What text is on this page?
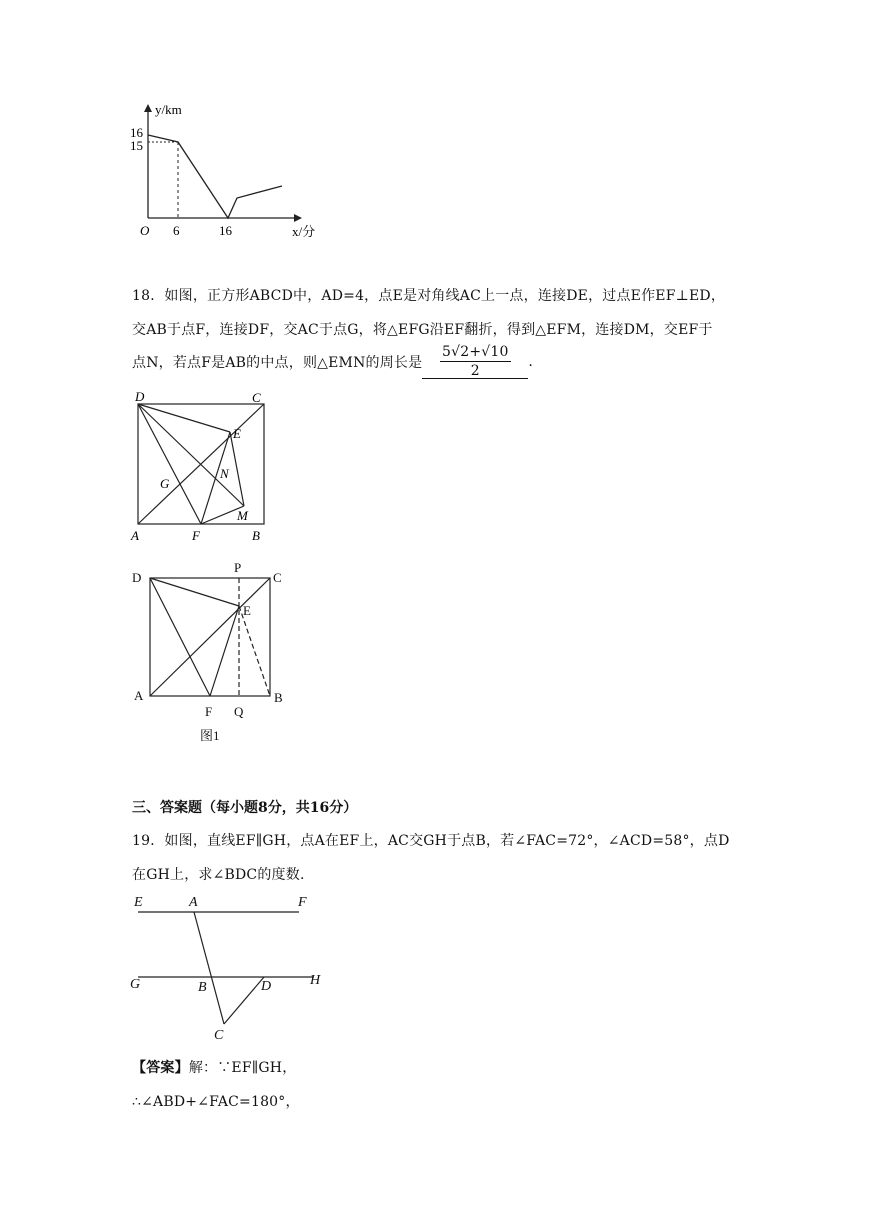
y/km
x/分
16
15
O 6	16
18．如图，正方形ABCD中，AD=4，点E是对角线AC上一点，连接DE，过点E作EF⊥ED，
交AB于点F，连接DF，交AC于点G，将△EFG沿EF翻折，得到△EFM，连接DM，交EF于
点N，若点F是AB的中点，则△EMN的周长是 $\frac{5√2+√10}{2}$ .
D	C
E
G
N
M
A	F	B
D
P
C
E
A
F Q
B
图1
三、答案题（每小题8分，共16分）
19．如图，直线EF∥GH，点A在EF上，AC交GH于点B，若∠FAC=72°，∠ACD=58°，点D
在GH上，求∠BDC的度数.
E	A	F
G	B	D	H
C
【答案】解：∵EF∥GH，
∴∠ABD+∠FAC=180°，
